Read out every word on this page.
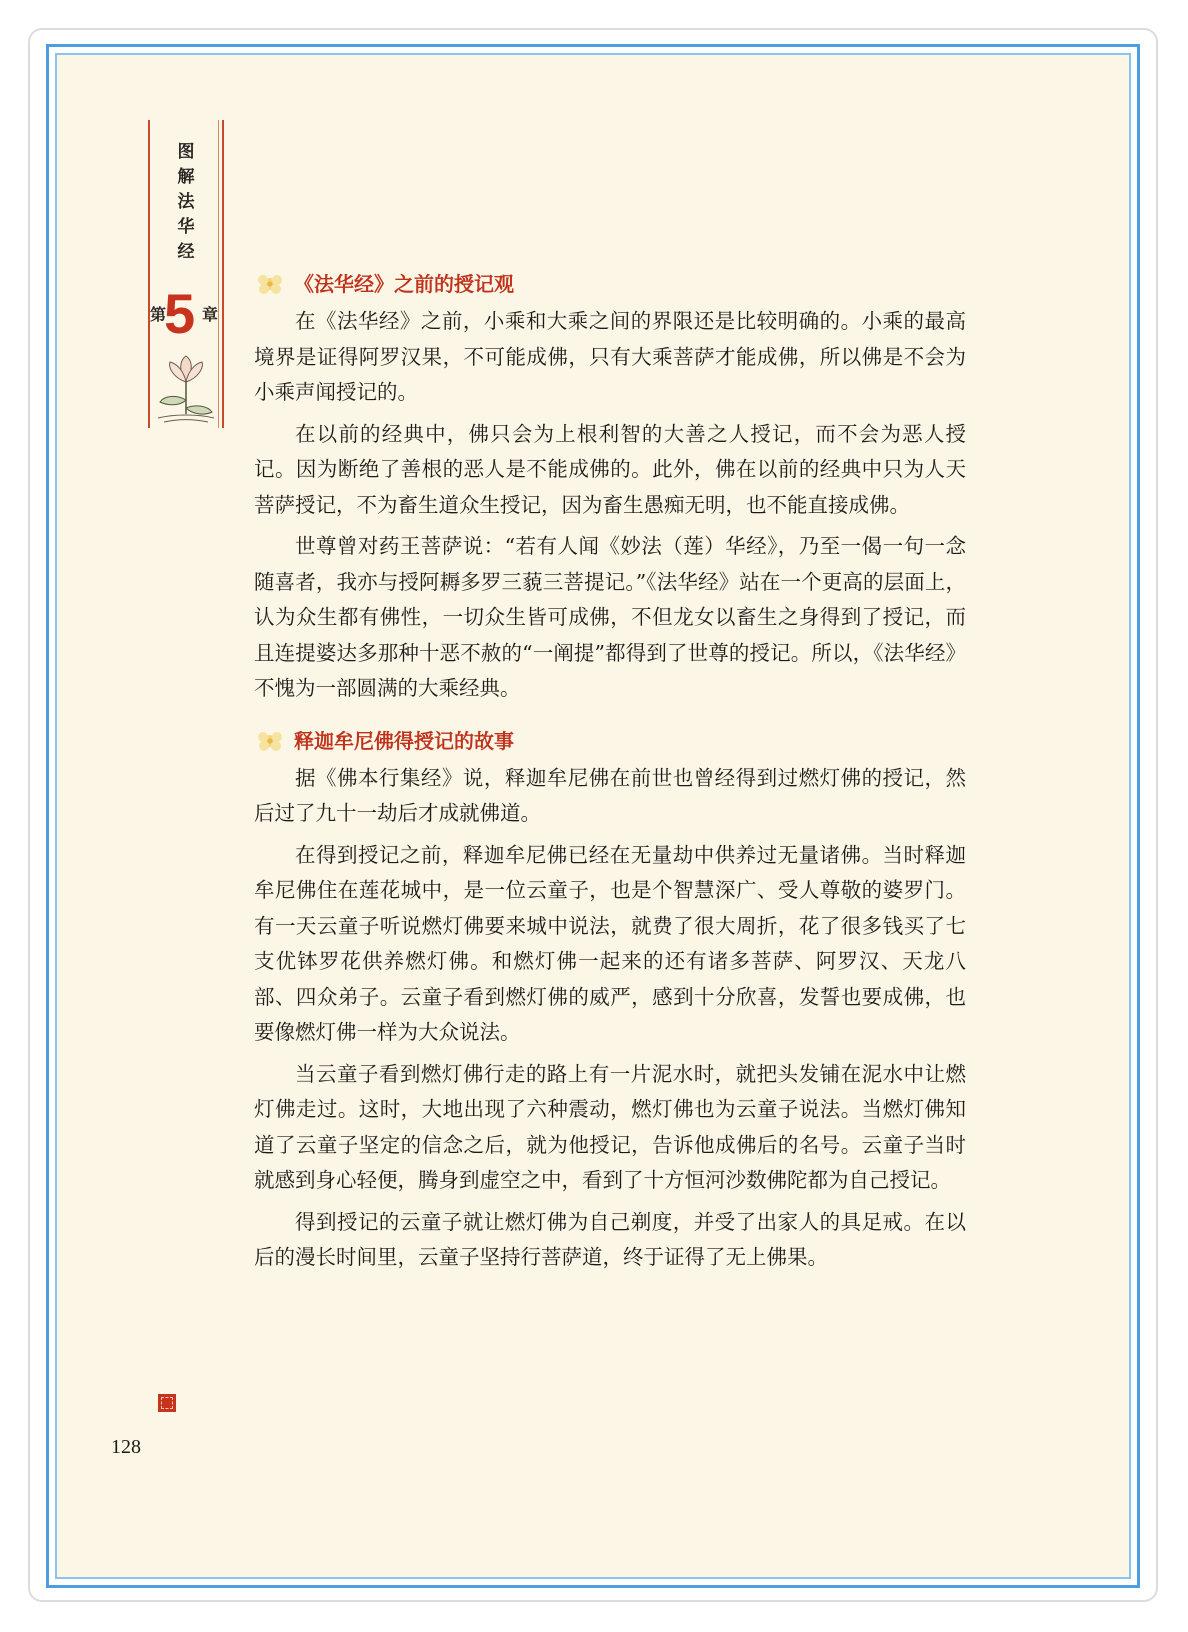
图
解
法
华
经
第
5 章
《法华经》之前的授记观

在《法华经》之前，小乘和大乘之间的界限还是比较明确的。小乘的最高境界是证得阿罗汉果，不可能成佛，只有大乘菩萨才能成佛，所以佛是不会为小乘声闻授记的。

在以前的经典中，佛只会为上根利智的大善之人授记，而不会为恶人授记。因为断绝了善根的恶人是不能成佛的。此外，佛在以前的经典中只为人天菩萨授记，不为畜生道众生授记，因为畜生愚痴无明，也不能直接成佛。

世尊曾对药王菩萨说：“若有人闻《妙法（莲）华经》，乃至一偈一句一念随喜者，我亦与授阿耨多罗三藐三菩提记。”《法华经》站在一个更高的层面上，认为众生都有佛性，一切众生皆可成佛，不但龙女以畜生之身得到了授记，而且连提婆达多那种十恶不赦的“一阐提”都得到了世尊的授记。所以，《法华经》不愧为一部圆满的大乘经典。

释迦牟尼佛得授记的故事

据《佛本行集经》说，释迦牟尼佛在前世也曾经得到过燃灯佛的授记，然后过了九十一劫后才成就佛道。

在得到授记之前，释迦牟尼佛已经在无量劫中供养过无量诸佛。当时释迦牟尼佛住在莲花城中，是一位云童子，也是个智慧深广、受人尊敬的婆罗门。有一天云童子听说燃灯佛要来城中说法，就费了很大周折，花了很多钱买了七支优钵罗花供养燃灯佛。和燃灯佛一起来的还有诸多菩萨、阿罗汉、天龙八部、四众弟子。云童子看到燃灯佛的威严，感到十分欣喜，发誓也要成佛，也要像燃灯佛一样为大众说法。

当云童子看到燃灯佛行走的路上有一片泥水时，就把头发铺在泥水中让燃灯佛走过。这时，大地出现了六种震动，燃灯佛也为云童子说法。当燃灯佛知道了云童子坚定的信念之后，就为他授记，告诉他成佛后的名号。云童子当时就感到身心轻便，腾身到虚空之中，看到了十方恒河沙数佛陀都为自己授记。

得到授记的云童子就让燃灯佛为自己剃度，并受了出家人的具足戒。在以后的漫长时间里，云童子坚持行菩萨道，终于证得了无上佛果。

128
